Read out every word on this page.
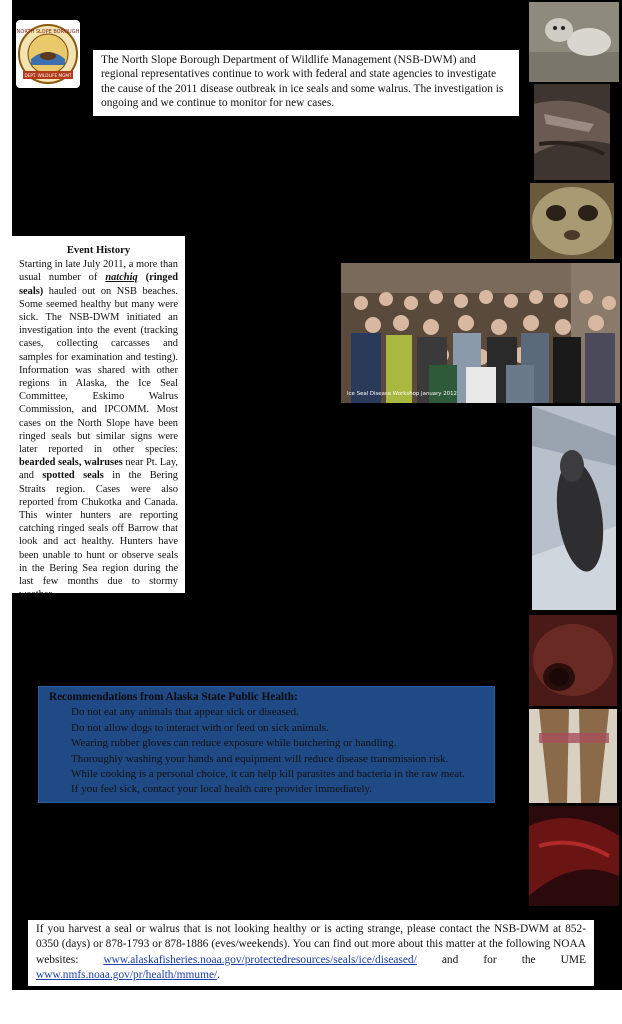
NORTH SLOPE BOROUGH
DEPT. WILDLIFE MGMT
The North Slope Borough Department of Wildlife Management (NSB-DWM) and regional representatives continue to work with federal and state agencies to investigate the cause of the 2011 disease outbreak in ice seals and some walrus. The investigation is ongoing and we continue to monitor for new cases.
Event History
Starting in late July 2011, a more than usual number of natchiq (ringed seals) hauled out on NSB beaches. Some seemed healthy but many were sick. The NSB-DWM initiated an investigation into the event (tracking cases, collecting carcasses and samples for examination and testing). Information was shared with other regions in Alaska, the Ice Seal Committee, Eskimo Walrus Commission, and IPCOMM. Most cases on the North Slope have been ringed seals but similar signs were later reported in other species: bearded seals, walruses near Pt. Lay, and spotted seals in the Bering Straits region. Cases were also reported from Chukotka and Canada. This winter hunters are reporting catching ringed seals off Barrow that look and act healthy. Hunters have been unable to hunt or observe seals in the Bering Sea region during the last few months due to stormy weather.
Ice Seal Disease Workshop January 2012
Recommendations from Alaska State Public Health:
Do not eat any animals that appear sick or diseased.
Do not allow dogs to interact with or feed on sick animals.
Wearing rubber gloves can reduce exposure while butchering or handling.
Thoroughly washing your hands and equipment will reduce disease transmission risk.
While cooking is a personal choice, it can help kill parasites and bacteria in the raw meat.
If you feel sick, contact your local health care provider immediately.
If you harvest a seal or walrus that is not looking healthy or is acting strange, please contact the NSB-DWM at 852-0350 (days) or 878-1793 or 878-1886 (eves/weekends). You can find out more about this matter at the following NOAA websites: www.alaskafisheries.noaa.gov/protectedresources/seals/ice/diseased/ and for the UME www.nmfs.noaa.gov/pr/health/mmume/.
